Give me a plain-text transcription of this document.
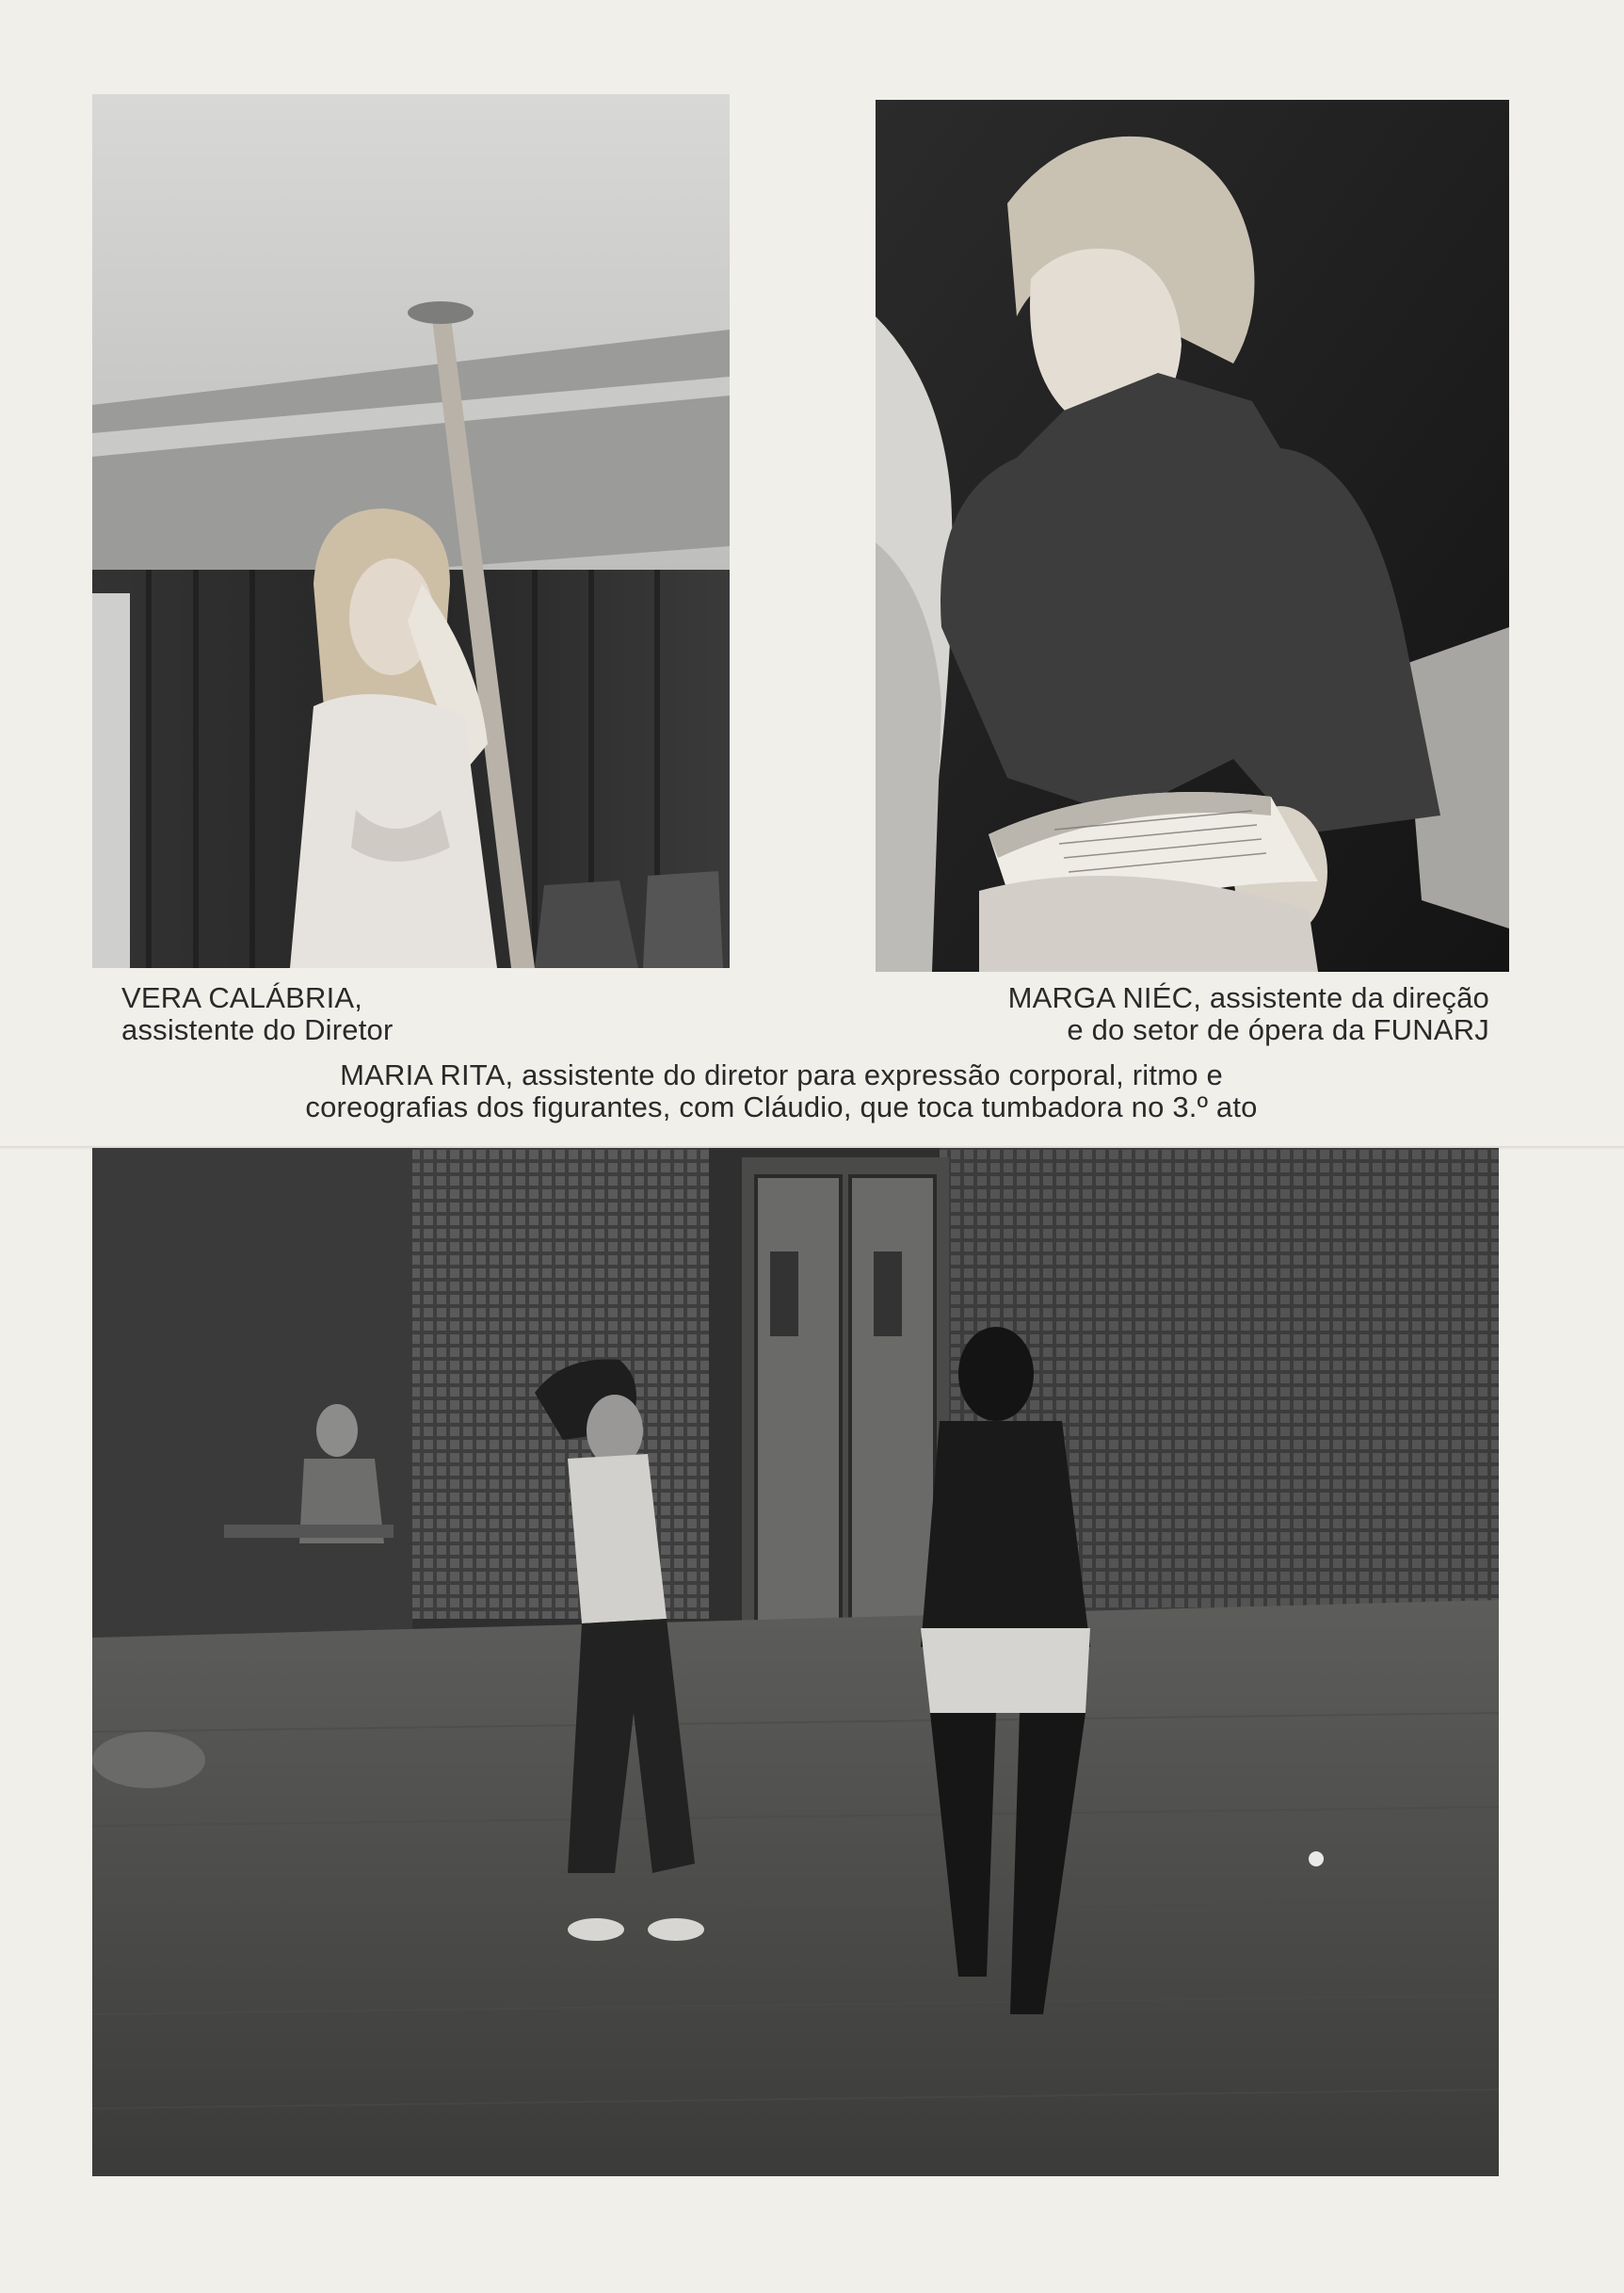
VERA CALÁBRIA,
assistente do Diretor
MARGA NIÉC, assistente da direção
e do setor de ópera da FUNARJ
MARIA RITA, assistente do diretor para expressão corporal, ritmo e
coreografias dos figurantes, com Cláudio, que toca tumbadora no 3.º ato
